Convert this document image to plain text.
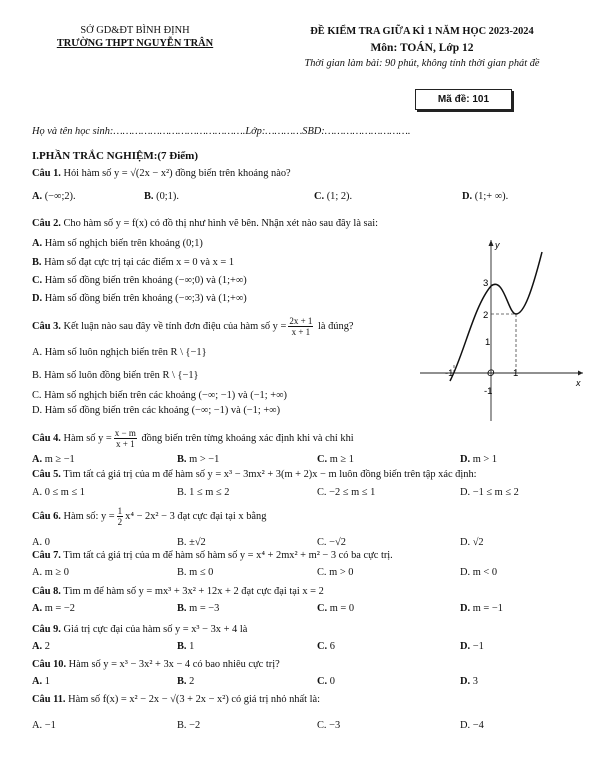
SỞ GD&ĐT BÌNH ĐỊNH
TRƯỜNG THPT NGUYỄN TRÂN
ĐỀ KIỂM TRA GIỮA KÌ 1 NĂM HỌC 2023-2024
Môn: TOÁN, Lớp 12
Thời gian làm bài: 90 phút, không tính thời gian phát đề
Mã đề: 101
Họ và tên học sinh:…………………………………….Lớp:…………SBD:……………………….
I.PHẦN TRẮC NGHIỆM:(7 Điểm)
Câu 1. Hỏi hàm số y = √(2x − x²) đồng biến trên khoảng nào?
A. (−∞;2).	B. (0;1).	C. (1; 2).	D. (1;+ ∞).
Câu 2. Cho hàm số y = f(x) có đồ thị như hình vẽ bên. Nhận xét nào sau đây là sai:
A. Hàm số nghịch biến trên khoảng (0;1)
B. Hàm số đạt cực trị tại các điểm x = 0 và x = 1
C. Hàm số đồng biến trên khoảng (−∞;0) và (1;+∞)
D. Hàm số đồng biến trên khoảng (−∞;3) và (1;+∞)
Câu 3. Kết luận nào sau đây về tính đơn điệu của hàm số $y = \frac{2x + 1}{x + 1}$ là đúng?
A. Hàm số luôn nghịch biến trên R \ {−1}
B. Hàm số luôn đồng biến trên R \ {−1}
C. Hàm số nghịch biến trên các khoảng (−∞; −1) và (−1; +∞)
D. Hàm số đồng biến trên các khoảng (−∞; −1) và (−1; +∞)
Câu 4. Hàm số $y = \frac{x - m}{x + 1}$ đồng biến trên từng khoảng xác định khi và chỉ khi
A. m ≥ −1	B. m > −1	C. m ≥ 1	D. m > 1
Câu 5. Tìm tất cả giá trị của m để hàm số y = x³ − 3mx² + 3(m + 2)x − m luôn đồng biến trên tập xác định:
A. 0 ≤ m ≤ 1	B. 1 ≤ m ≤ 2	C. −2 ≤ m ≤ 1	D. −1 ≤ m ≤ 2
Câu 6. Hàm số: $y = \frac{1}{2} x^4 - 2x^2 - 3$ đạt cực đại tại x bằng
A. 0	B. ±√2	C. −√2	D. √2
Câu 7. Tìm tất cả giá trị của m để hàm số hàm số y = x⁴ + 2mx² + m² − 3 có ba cực trị.
A. m ≥ 0	B. m ≤ 0	C. m > 0	D. m < 0
Câu 8. Tìm m để hàm số y = mx³ + 3x² + 12x + 2 đạt cực đại tại x = 2
A. m = −2	B. m = −3	C. m = 0	D. m = −1
Câu 9. Giá trị cực đại của hàm số y = x³ − 3x + 4 là
A. 2	B. 1	C. 6	D. −1
Câu 10. Hàm số y = x³ − 3x² + 3x − 4 có bao nhiêu cực trị?
A. 1	B. 2	C. 0	D. 3
Câu 11. Hàm số f(x) = x² − 2x − √(3 + 2x − x²) có giá trị nhỏ nhất là:
A. −1	B. −2	C. −3	D. −4
y
x
3
2
1
-1	O 1
-1
